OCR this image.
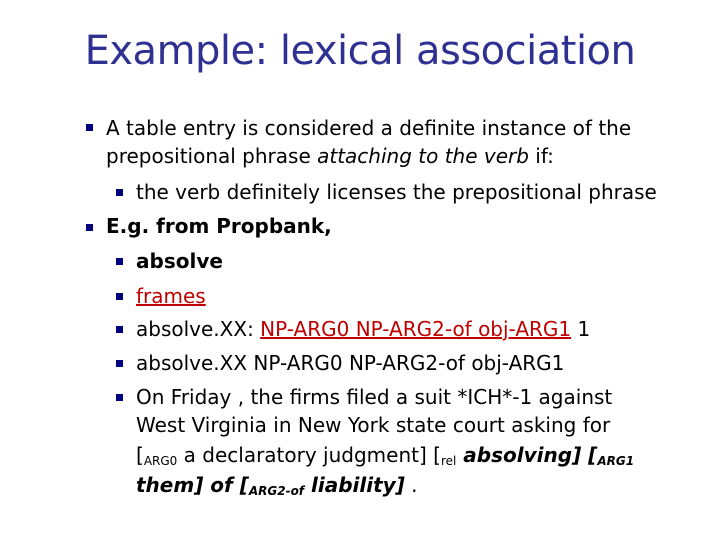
Example: lexical association
A table entry is considered a definite instance of the
prepositional phrase attaching to the verb if:
the verb definitely licenses the prepositional phrase
E.g. from Propbank,
absolve
frames
absolve.XX: NP-ARG0 NP-ARG2-of obj-ARG1 1
absolve.XX NP-ARG0 NP-ARG2-of obj-ARG1
On Friday , the firms filed a suit *ICH*-1 against
West Virginia in New York state court asking for
[$_{ARG0}$ a declaratory judgment] [$_{rel}$ absolving] [$_{ARG1}$
them] of [$_{ARG2-of}$ liability] .
